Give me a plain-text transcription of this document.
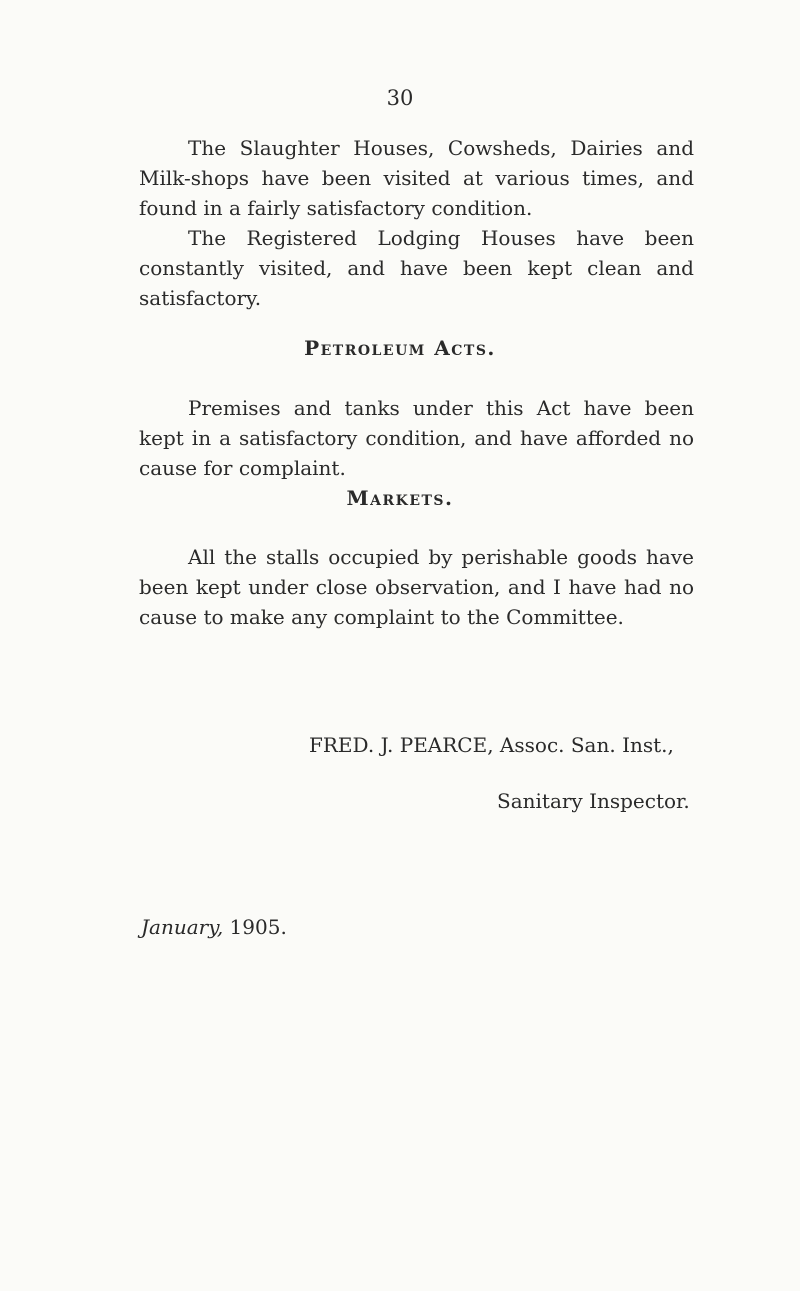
30

The Slaughter Houses, Cowsheds, Dairies and Milk-shops have been visited at various times, and found in a fairly satisfactory condition.

The Registered Lodging Houses have been constantly visited, and have been kept clean and satisfactory.

Petroleum Acts.

Premises and tanks under this Act have been kept in a satisfactory condition, and have afforded no cause for complaint.

Markets.

All the stalls occupied by perishable goods have been kept under close observation, and I have had no cause to make any complaint to the Committee.

FRED. J. PEARCE, Assoc. San. Inst.,

Sanitary Inspector.

January, 1905.
